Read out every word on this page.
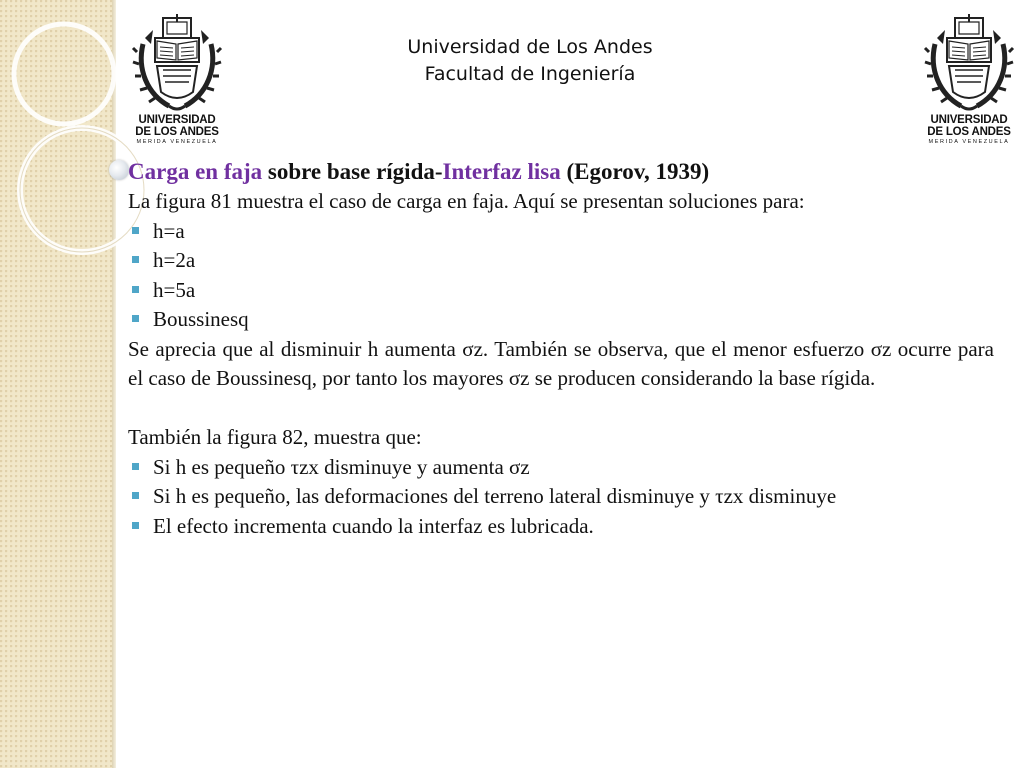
UNIVERSIDAD
DE LOS ANDES
MERIDA VENEZUELA
UNIVERSIDAD
DE LOS ANDES
MERIDA VENEZUELA
Universidad de Los Andes
Facultad de Ingeniería
Carga en faja sobre base rígida-Interfaz lisa (Egorov, 1939)
La figura 81 muestra el caso de carga en faja. Aquí se presentan soluciones para:
h=a
h=2a
h=5a
Boussinesq
Se aprecia que al disminuir h aumenta σz. También se observa, que el menor esfuerzo σz ocurre para el caso de Boussinesq, por tanto los mayores σz se producen considerando la base rígida.
También la figura 82, muestra que:
Si h es pequeño τzx disminuye y aumenta σz
Si h es pequeño, las deformaciones del terreno lateral disminuye y τzx disminuye
El efecto incrementa cuando la interfaz es lubricada.
